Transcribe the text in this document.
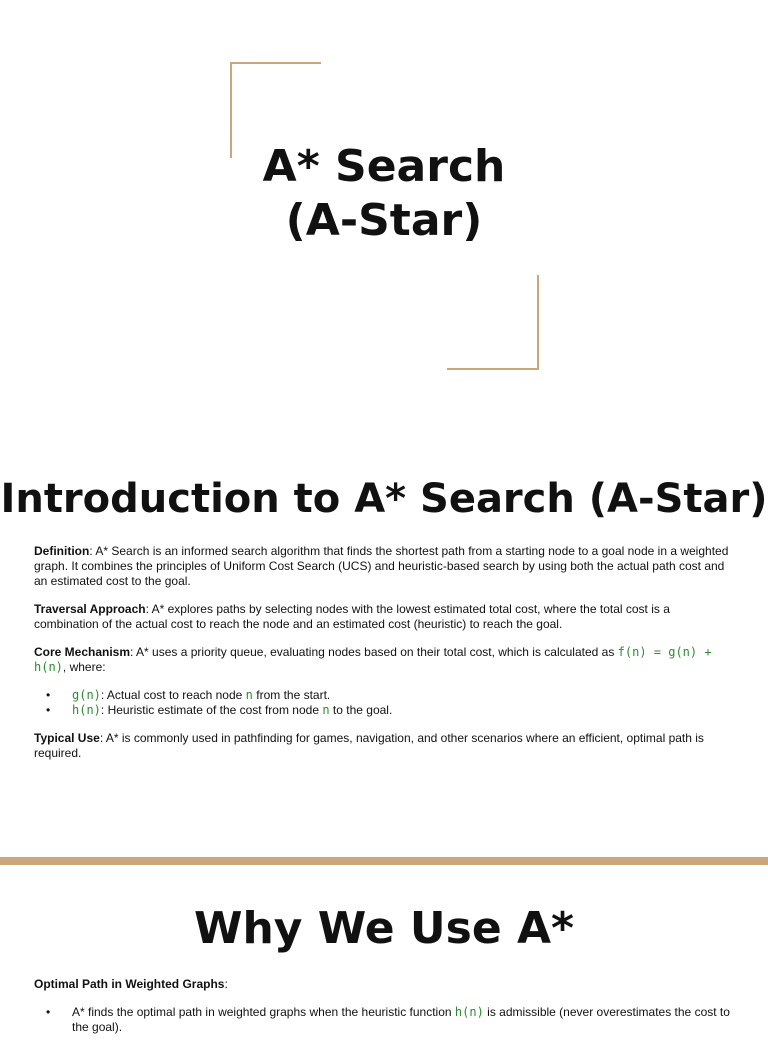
A* Search
(A-Star)
Introduction to A* Search (A-Star)

Definition: A* Search is an informed search algorithm that finds the shortest path from a starting node to a goal node in a weighted graph. It combines the principles of Uniform Cost Search (UCS) and heuristic-based search by using both the actual path cost and an estimated cost to the goal.

Traversal Approach: A* explores paths by selecting nodes with the lowest estimated total cost, where the total cost is a combination of the actual cost to reach the node and an estimated cost (heuristic) to reach the goal.

Core Mechanism: A* uses a priority queue, evaluating nodes based on their total cost, which is calculated as f(n) = g(n) + h(n), where:

• g(n): Actual cost to reach node n from the start.
• h(n): Heuristic estimate of the cost from node n to the goal.

Typical Use: A* is commonly used in pathfinding for games, navigation, and other scenarios where an efficient, optimal path is required.

Why We Use A*

Optimal Path in Weighted Graphs:

• A* finds the optimal path in weighted graphs when the heuristic function h(n) is admissible (never overestimates the cost to the goal).
